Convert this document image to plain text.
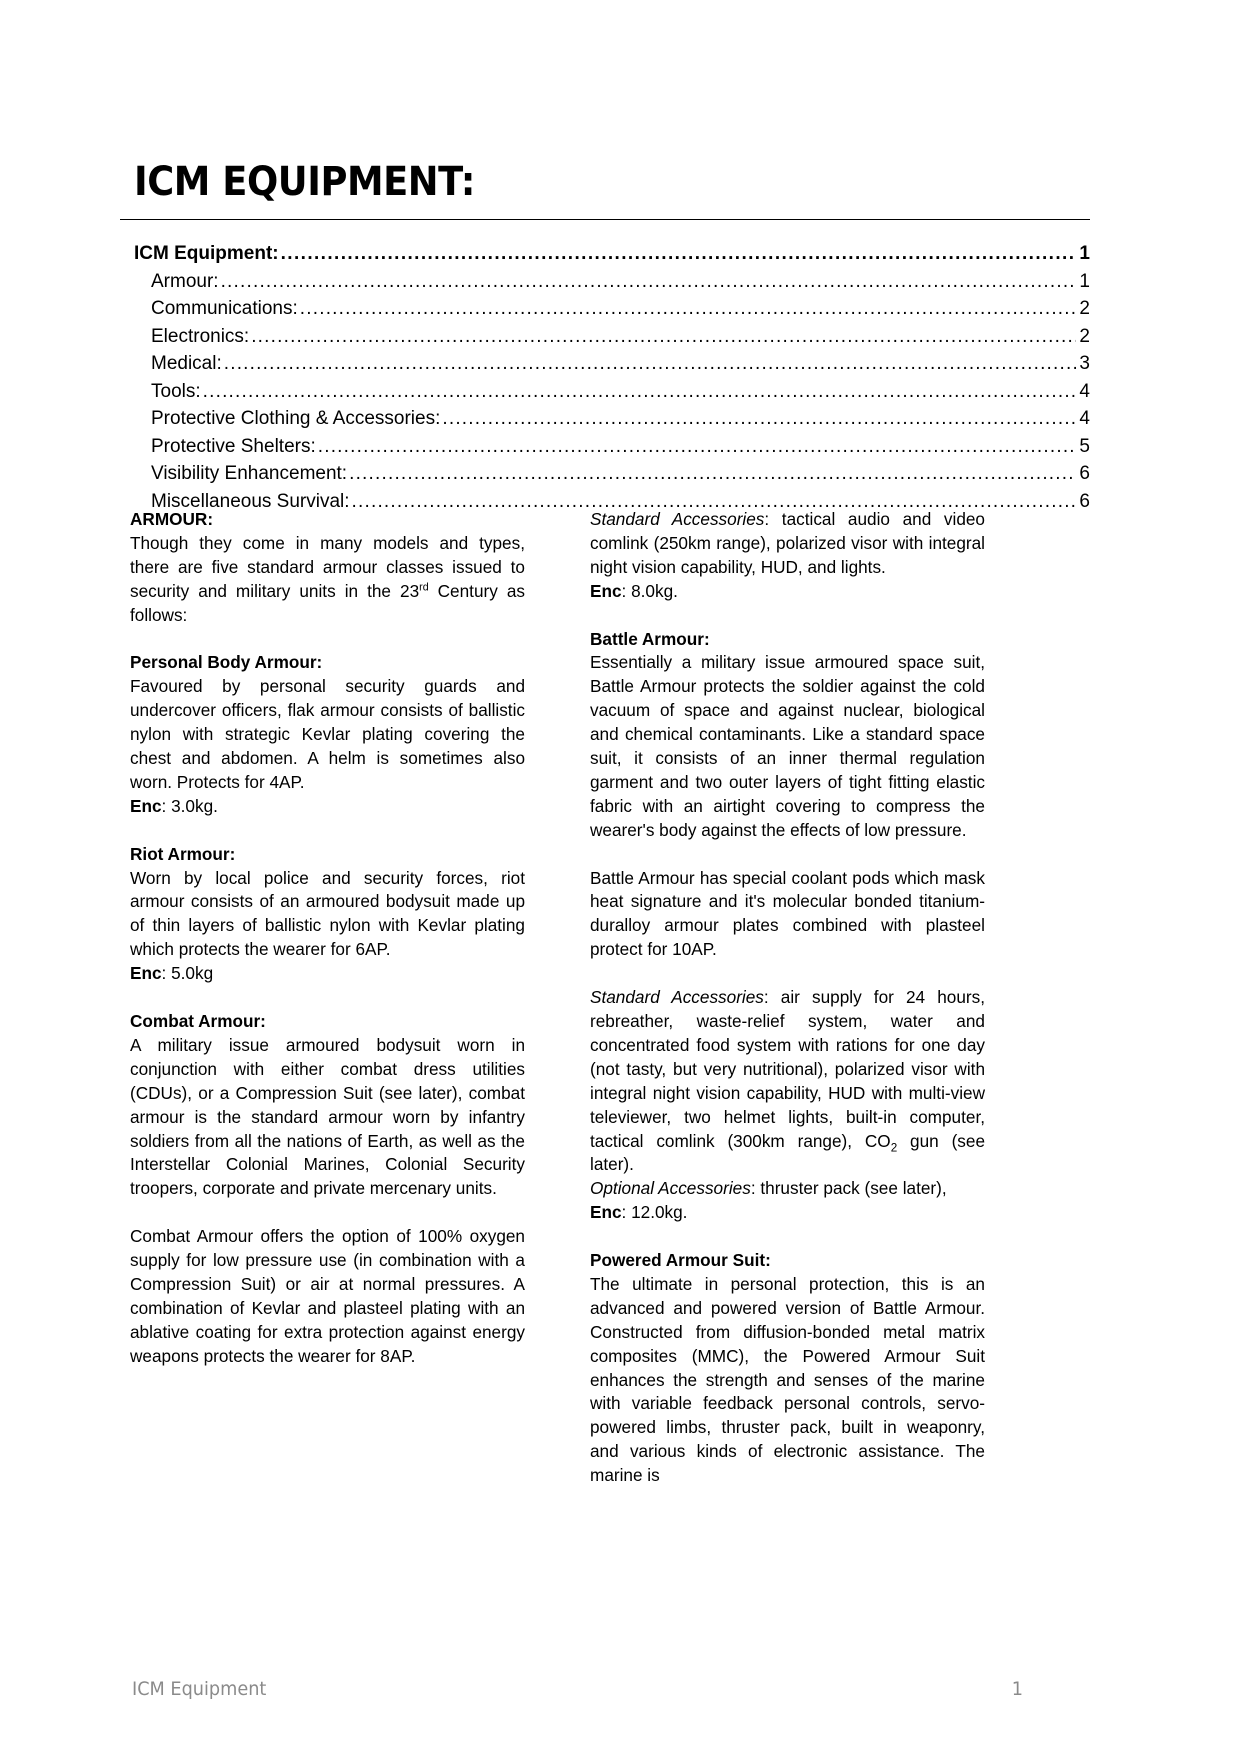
ICM EQUIPMENT:
ICM Equipment: .....	1
Armour: .....	1
Communications: .....	2
Electronics: .....	2
Medical: .....	3
Tools: .....	4
Protective Clothing & Accessories: .....	4
Protective Shelters: .....	5
Visibility Enhancement: .....	6
Miscellaneous Survival: .....	6

ARMOUR:

Though they come in many models and types, there are five standard armour classes issued to security and military units in the 23rd Century as follows:

Personal Body Armour:

Favoured by personal security guards and undercover officers, flak armour consists of ballistic nylon with strategic Kevlar plating covering the chest and abdomen. A helm is sometimes also worn. Protects for 4AP.

Enc: 3.0kg.

Riot Armour:

Worn by local police and security forces, riot armour consists of an armoured bodysuit made up of thin layers of ballistic nylon with Kevlar plating which protects the wearer for 6AP.

Enc: 5.0kg

Combat Armour:

A military issue armoured bodysuit worn in conjunction with either combat dress utilities (CDUs), or a Compression Suit (see later), combat armour is the standard armour worn by infantry soldiers from all the nations of Earth, as well as the Interstellar Colonial Marines, Colonial Security troopers, corporate and private mercenary units.

Combat Armour offers the option of 100% oxygen supply for low pressure use (in combination with a Compression Suit) or air at normal pressures. A combination of Kevlar and plasteel plating with an ablative coating for extra protection against energy weapons protects the wearer for 8AP.

Standard Accessories: tactical audio and video comlink (250km range), polarized visor with integral night vision capability, HUD, and lights.

Enc: 8.0kg.

Battle Armour:

Essentially a military issue armoured space suit, Battle Armour protects the soldier against the cold vacuum of space and against nuclear, biological and chemical contaminants. Like a standard space suit, it consists of an inner thermal regulation garment and two outer layers of tight fitting elastic fabric with an airtight covering to compress the wearer's body against the effects of low pressure.

Battle Armour has special coolant pods which mask heat signature and it's molecular bonded titanium-duralloy armour plates combined with plasteel protect for 10AP.

Standard Accessories: air supply for 24 hours, rebreather, waste-relief system, water and concentrated food system with rations for one day (not tasty, but very nutritional), polarized visor with integral night vision capability, HUD with multi-view televiewer, two helmet lights, built-in computer, tactical comlink (300km range), $CO_2$ gun (see later).

Optional Accessories: thruster pack (see later),

Enc: 12.0kg.

Powered Armour Suit:

The ultimate in personal protection, this is an advanced and powered version of Battle Armour. Constructed from diffusion-bonded metal matrix composites (MMC), the Powered Armour Suit enhances the strength and senses of the marine with variable feedback personal controls, servo-powered limbs, thruster pack, built in weaponry, and various kinds of electronic assistance. The marine is

ICM Equipment	1
